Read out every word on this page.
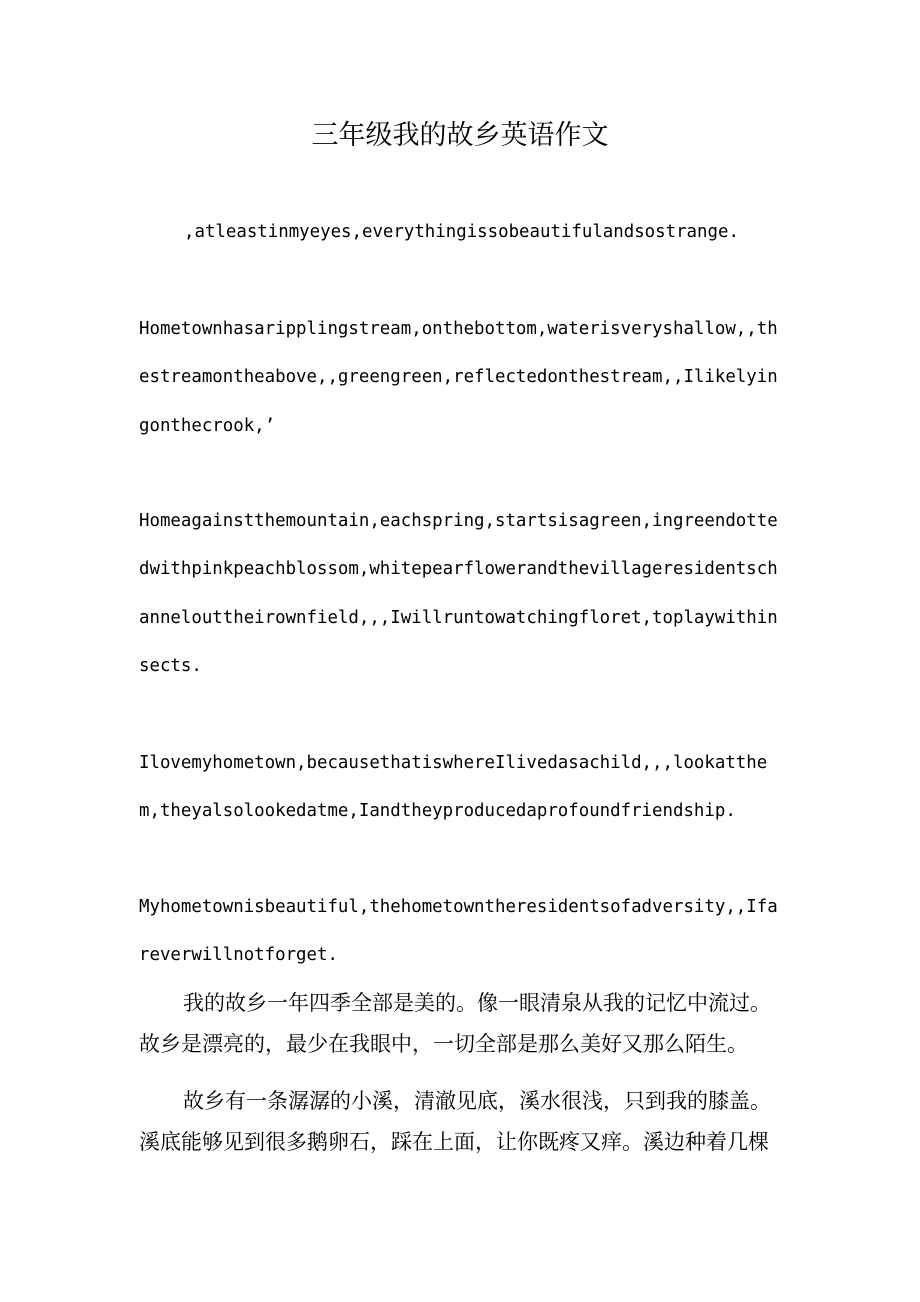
三年级我的故乡英语作文

,atleastinmyeyes,everythingissobeautifulandsostrange.

Hometownhasaripplingstream,onthebottom,waterisveryshallow,,thestreamontheabove,,greengreen,reflectedonthestream,,Ilikelyingonthecrook,’

Homeagainstthemountain,eachspring,startsisagreen,ingreendottedwithpinkpeachblossom,whitepearflowerandthevillageresidentschannelouttheirownfield,,,Iwillruntowatchingfloret,toplaywithinsects.

Ilovemyhometown,becausethatiswhereIlivedasachild,,,lookatthem,theyalsolookedatme,Iandtheyproducedaprofoundfriendship.

Myhometownisbeautiful,thehometowntheresidentsofadversity,,Ifareverwillnotforget.

我的故乡一年四季全部是美的。像一眼清泉从我的记忆中流过。故乡是漂亮的，最少在我眼中，一切全部是那么美好又那么陌生。

故乡有一条潺潺的小溪，清澈见底，溪水很浅，只到我的膝盖。溪底能够见到很多鹅卵石，踩在上面，让你既疼又痒。溪边种着几棵
